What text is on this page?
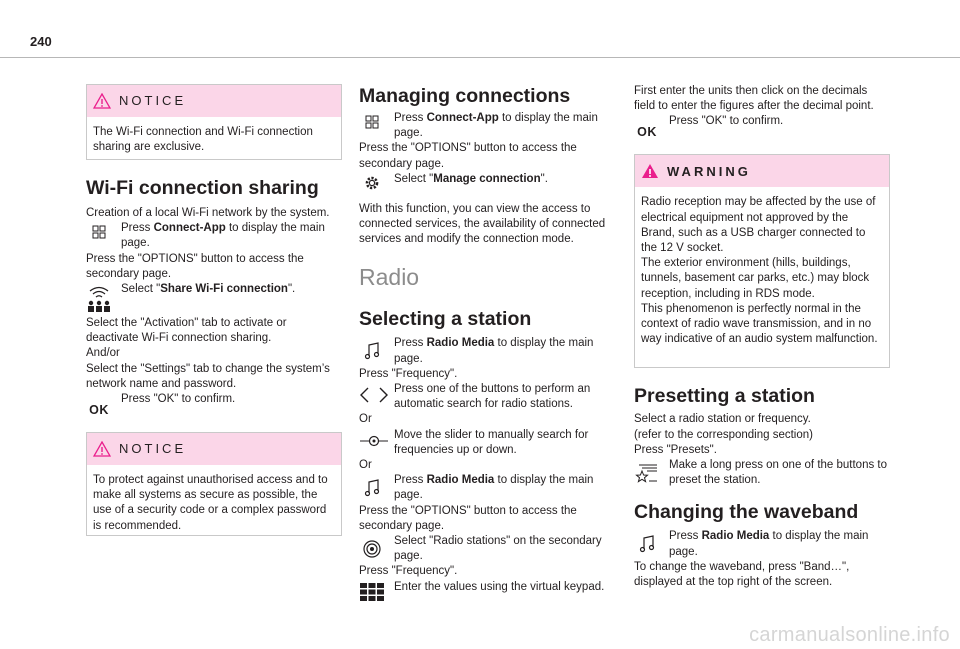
240
NOTICE

The Wi-Fi connection and Wi-Fi connection sharing are exclusive.

Wi-Fi connection sharing

Creation of a local Wi-Fi network by the system.

Press Connect-App to display the main page.

Press the "OPTIONS" button to access the secondary page.

Select "Share Wi-Fi connection".

Select the "Activation" tab to activate or deactivate Wi-Fi connection sharing.

And/or

Select the "Settings" tab to change the system’s network name and password.

OK

Press "OK" to confirm.

NOTICE

To protect against unauthorised access and to make all systems as secure as possible, the use of a security code or a complex password is recommended.

Managing connections

Press Connect-App to display the main page.

Press the "OPTIONS" button to access the secondary page.

Select "Manage connection".

With this function, you can view the access to connected services, the availability of connected services and modify the connection mode.

Radio
Selecting a station

Press Radio Media to display the main page.

Press "Frequency".

Press one of the buttons to perform an automatic search for radio stations.

Or

Move the slider to manually search for frequencies up or down.

Or

Press Radio Media to display the main page.

Press the "OPTIONS" button to access the secondary page.

Select "Radio stations" on the secondary page.

Press "Frequency".

Enter the values using the virtual keypad.

First enter the units then click on the decimals field to enter the figures after the decimal point.

OK

Press "OK" to confirm.

WARNING

Radio reception may be affected by the use of electrical equipment not approved by the Brand, such as a USB charger connected to the 12 V socket.

The exterior environment (hills, buildings, tunnels, basement car parks, etc.) may block reception, including in RDS mode.

This phenomenon is perfectly normal in the context of radio wave transmission, and in no way indicative of an audio system malfunction.

Presetting a station

Select a radio station or frequency.

(refer to the corresponding section)

Press "Presets".

Make a long press on one of the buttons to preset the station.

Changing the waveband

Press Radio Media to display the main page.

To change the waveband, press "Band…", displayed at the top right of the screen.

carmanualsonline.info
